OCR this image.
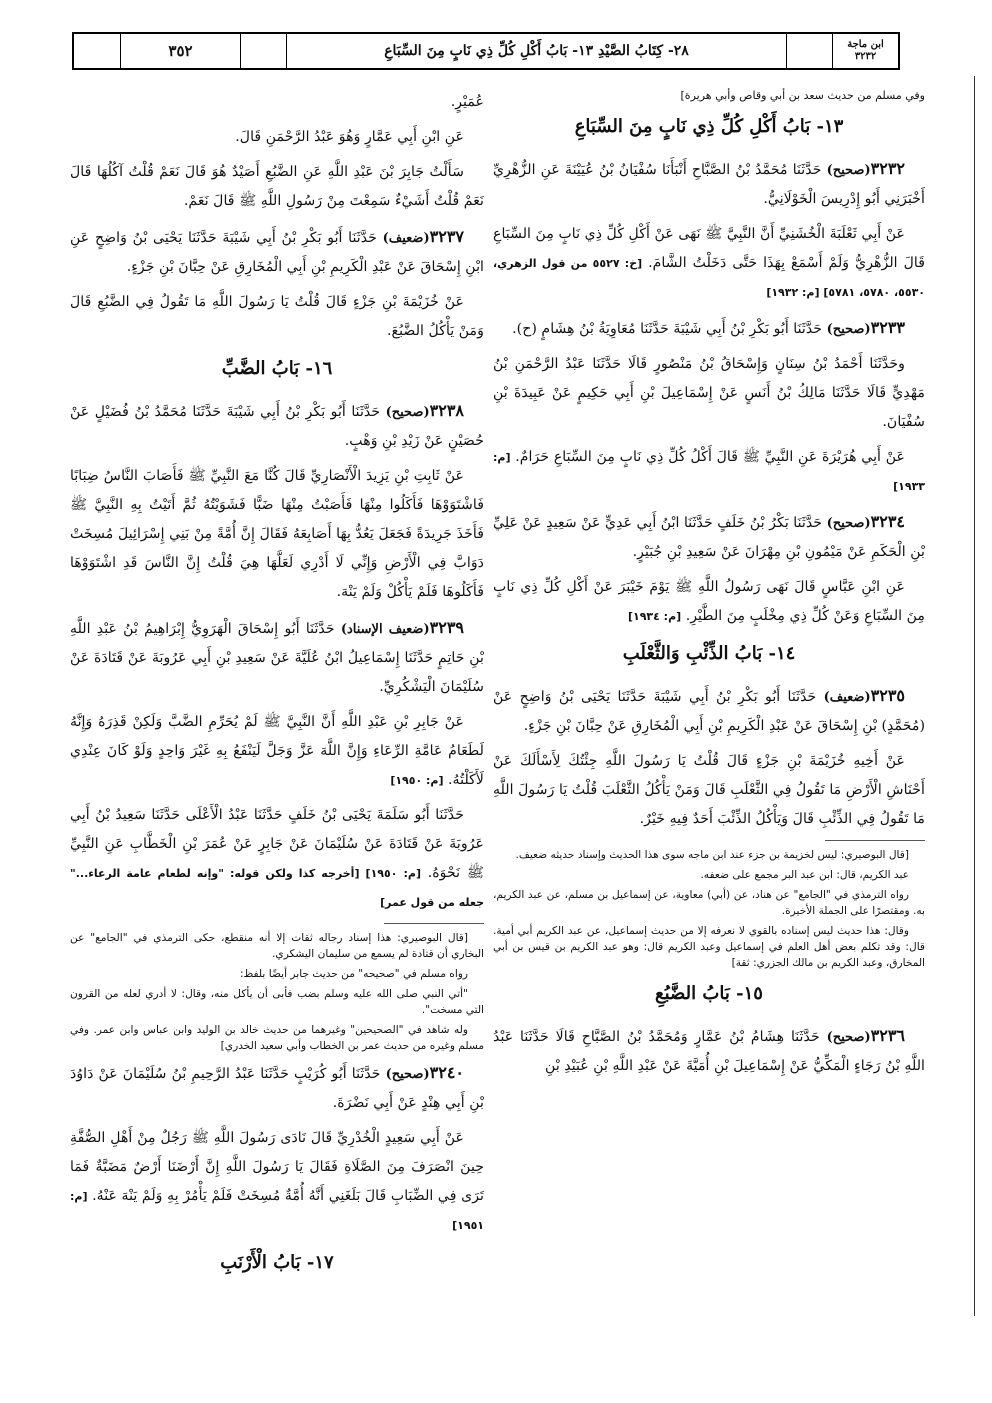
ابن ماجة
٣٢٣٢
٢٨- كِتَابُ الصَّيْدِ ١٣- بَابُ أَكْلِ كُلِّ ذِي نَابٍ مِنَ السِّبَاعِ
٣٥٢

وفي مسلم من حديث سعد بن أبي وقاص وأبي هريرة]

١٣- بَابُ أَكْلِ كُلِّ ذِي نَابٍ مِنَ السِّبَاعِ

٣٢٣٢(صحيح) حَدَّثَنَا مُحَمَّدُ بْنُ الصَّبَّاحِ أَنْبَأَنَا سُفْيَانُ بْنُ عُيَيْنَةَ عَنِ الزُّهْرِيِّ أَخْبَرَنِي أَبُو إِدْرِيسَ الْخَوْلَانِيُّ.

عَنْ أَبِي ثَعْلَبَةَ الْخُشَنِيِّ أَنَّ النَّبِيَّ ﷺ نَهَى عَنْ أَكْلِ كُلِّ ذِي نَابٍ مِنَ السِّبَاعِ قَالَ الزُّهْرِيُّ وَلَمْ أَسْمَعْ بِهَذَا حَتَّى دَخَلْتُ الشَّامَ. [خ: ٥٥٢٧ من قول الزهري، ٥٥٣٠، ٥٧٨٠، ٥٧٨١] [م: ١٩٣٢]

٣٢٣٣(صحيح) حَدَّثَنَا أَبُو بَكْرِ بْنُ أَبِي شَيْبَةَ حَدَّثَنَا مُعَاوِيَةُ بْنُ هِشَامٍ (ح).

وحَدَّثَنَا أَحْمَدُ بْنُ سِنَانٍ وَإِسْحَاقُ بْنُ مَنْصُورٍ قَالَا حَدَّثَنَا عَبْدُ الرَّحْمَنِ بْنُ مَهْدِيٍّ قَالَا حَدَّثَنَا مَالِكُ بْنُ أَنَسٍ عَنْ إِسْمَاعِيلَ بْنِ أَبِي حَكِيمٍ عَنْ عَبِيدَةَ بْنِ سُفْيَانَ.

عَنْ أَبِي هُرَيْرَةَ عَنِ النَّبِيِّ ﷺ قَالَ أَكْلُ كُلِّ ذِي نَابٍ مِنَ السِّبَاعِ حَرَامٌ. [م: ١٩٣٣]

٣٢٣٤(صحيح) حَدَّثَنَا بَكْرُ بْنُ خَلَفٍ حَدَّثَنَا ابْنُ أَبِي عَدِيٍّ عَنْ سَعِيدٍ عَنْ عَلِيِّ بْنِ الْحَكَمِ عَنْ مَيْمُونِ بْنِ مِهْرَانَ عَنْ سَعِيدِ بْنِ جُبَيْرٍ.

عَنِ ابْنِ عَبَّاسٍ قَالَ نَهَى رَسُولُ اللَّهِ ﷺ يَوْمَ خَيْبَرَ عَنْ أَكْلِ كُلِّ ذِي نَابٍ مِنَ السِّبَاعِ وَعَنْ كُلِّ ذِي مِخْلَبٍ مِنَ الطَّيْرِ. [م: ١٩٣٤]

١٤- بَابُ الذِّئْبِ وَالثَّعْلَبِ

٣٢٣٥(ضعيف) حَدَّثَنَا أَبُو بَكْرِ بْنُ أَبِي شَيْبَةَ حَدَّثَنَا يَحْيَى بْنُ وَاضِحٍ عَنْ (مُحَمَّدٍ) بْنِ إِسْحَاقَ عَنْ عَبْدِ الْكَرِيمِ بْنِ أَبِي الْمُخَارِقِ عَنْ حِبَّانَ بْنِ جَزْءٍ.

عَنْ أَخِيهِ خُزَيْمَةَ بْنِ جَزْءٍ قَالَ قُلْتُ يَا رَسُولَ اللَّهِ جِئْتُكَ لِأَسْأَلَكَ عَنْ أَحْنَاشِ الْأَرْضِ مَا تَقُولُ فِي الثَّعْلَبِ قَالَ وَمَنْ يَأْكُلُ الثَّعْلَبَ قُلْتُ يَا رَسُولَ اللَّهِ مَا تَقُولُ فِي الذِّئْبِ قَالَ وَيَأْكُلُ الذِّئْبَ أَحَدٌ فِيهِ خَيْرٌ.

[قال البوصيري: ليس لخزيمة بن جزء عند ابن ماجه سوى هذا الحديث وإسناد حديثه ضعيف.

عبد الكريم، قال: ابن عبد البر مجمع على ضعفه.

رواه الترمذي في "الجامع" عن هناد، عن (أبي) معاوية، عن إسماعيل بن مسلم، عن عبد الكريم، به. ومقتصرًا على الجملة الأخيرة.

وقال: هذا حديث ليس إسناده بالقوي لا نعرفه إلا من حديث إسماعيل، عن عبد الكريم أبي أمية. قال: وقد تكلم بعض أهل العلم في إسماعيل وعبد الكريم قال: وهو عبد الكريم بن قيس بن أبي المخارق، وعبد الكريم بن مالك الجزري: ثقة]

١٥- بَابُ الضَّبُعِ

٣٢٣٦(صحيح) حَدَّثَنَا هِشَامُ بْنُ عَمَّارٍ وَمُحَمَّدُ بْنُ الصَّبَّاحِ قَالَا حَدَّثَنَا عَبْدُ اللَّهِ بْنُ رَجَاءٍ الْمَكِّيُّ عَنْ إِسْمَاعِيلَ بْنِ أُمَيَّةَ عَنْ عَبْدِ اللَّهِ بْنِ عُبَيْدِ بْنِ

عُمَيْرٍ.

عَنِ ابْنِ أَبِي عَمَّارٍ وَهُوَ عَبْدُ الرَّحْمَنِ قَالَ.

سَأَلْتُ جَابِرَ بْنَ عَبْدِ اللَّهِ عَنِ الضَّبُعِ أَصَيْدٌ هُوَ قَالَ نَعَمْ قُلْتُ آكُلُهَا قَالَ نَعَمْ قُلْتُ أَشَيْءٌ سَمِعْتَ مِنْ رَسُولِ اللَّهِ ﷺ قَالَ نَعَمْ.

٣٢٣٧(ضعيف) حَدَّثَنَا أَبُو بَكْرِ بْنُ أَبِي شَيْبَةَ حَدَّثَنَا يَحْيَى بْنُ وَاضِحٍ عَنِ ابْنِ إِسْحَاقَ عَنْ عَبْدِ الْكَرِيمِ بْنِ أَبِي الْمُخَارِقِ عَنْ حِبَّانَ بْنِ جَزْءٍ.

عَنْ خُزَيْمَةَ بْنِ جَزْءٍ قَالَ قُلْتُ يَا رَسُولَ اللَّهِ مَا تَقُولُ فِي الضَّبُعِ قَالَ وَمَنْ يَأْكُلُ الضَّبُعَ.

١٦- بَابُ الضَّبِّ

٣٢٣٨(صحيح) حَدَّثَنَا أَبُو بَكْرِ بْنُ أَبِي شَيْبَةَ حَدَّثَنَا مُحَمَّدُ بْنُ فُضَيْلٍ عَنْ حُصَيْنٍ عَنْ زَيْدِ بْنِ وَهْبٍ.

عَنْ ثَابِتِ بْنِ يَزِيدَ الْأَنْصَارِيِّ قَالَ كُنَّا مَعَ النَّبِيِّ ﷺ فَأَصَابَ النَّاسُ ضِبَابًا فَاشْتَوَوْهَا فَأَكَلُوا مِنْهَا فَأَصَبْتُ مِنْهَا ضَبًّا فَشَوَيْتُهُ ثُمَّ أَتَيْتُ بِهِ النَّبِيَّ ﷺ فَأَخَذَ جَرِيدَةً فَجَعَلَ يَعُدُّ بِهَا أَصَابِعَهُ فَقَالَ إِنَّ أُمَّةً مِنْ بَنِي إِسْرَائِيلَ مُسِخَتْ دَوَابَّ فِي الْأَرْضِ وَإِنِّي لَا أَدْرِي لَعَلَّهَا هِيَ قُلْتُ إِنَّ النَّاسَ قَدِ اشْتَوَوْهَا فَأَكَلُوهَا فَلَمْ يَأْكُلْ وَلَمْ يَنْهَ.

٣٢٣٩(ضعيف الإسناد) حَدَّثَنَا أَبُو إِسْحَاقَ الْهَرَوِيُّ إِبْرَاهِيمُ بْنُ عَبْدِ اللَّهِ بْنِ حَاتِمٍ حَدَّثَنَا إِسْمَاعِيلُ ابْنُ عُلَيَّةَ عَنْ سَعِيدِ بْنِ أَبِي عَرُوبَةَ عَنْ قَتَادَةَ عَنْ سُلَيْمَانَ الْيَشْكُرِيِّ.

عَنْ جَابِرِ بْنِ عَبْدِ اللَّهِ أَنَّ النَّبِيَّ ﷺ لَمْ يُحَرِّمِ الضَّبَّ وَلَكِنْ قَذِرَهُ وَإِنَّهُ لَطَعَامُ عَامَّةِ الرِّعَاءِ وَإِنَّ اللَّهَ عَزَّ وَجَلَّ لَيَنْفَعُ بِهِ غَيْرَ وَاحِدٍ وَلَوْ كَانَ عِنْدِي لَأَكَلْتُهُ. [م: ١٩٥٠]

حَدَّثَنَا أَبُو سَلَمَةَ يَحْيَى بْنُ خَلَفٍ حَدَّثَنَا عَبْدُ الْأَعْلَى حَدَّثَنَا سَعِيدُ بْنُ أَبِي عَرُوبَةَ عَنْ قَتَادَةَ عَنْ سُلَيْمَانَ عَنْ جَابِرٍ عَنْ عُمَرَ بْنِ الْخَطَّابِ عَنِ النَّبِيِّ ﷺ نَحْوَهُ. [م: ١٩٥٠] [أخرجه كذا ولكن قوله: "وإنه لطعام عامة الرعاء..." جعله من قول عمر]

[قال البوصيري: هذا إسناد رجاله ثقات إلا أنه منقطع، حكى الترمذي في "الجامع" عن البخاري أن قتادة لم يسمع من سليمان اليشكري.

رواه مسلم في "صحيحه" من حديث جابر أيضًا بلفظ:

"أتي النبي صلى الله عليه وسلم بضب فأبى أن يأكل منه، وقال: لا أدري لعله من القرون التي مسخت".

وله شاهد في "الصحيحين" وغيرهما من حديث خالد بن الوليد وابن عباس وابن عمر. وفي مسلم وغيره من حديث عمر بن الخطاب وأبي سعيد الخدري]

٣٢٤٠(صحيح) حَدَّثَنَا أَبُو كُرَيْبٍ حَدَّثَنَا عَبْدُ الرَّحِيمِ بْنُ سُلَيْمَانَ عَنْ دَاوُدَ بْنِ أَبِي هِنْدٍ عَنْ أَبِي نَضْرَةَ.

عَنْ أَبِي سَعِيدٍ الْخُدْرِيِّ قَالَ نَادَى رَسُولَ اللَّهِ ﷺ رَجُلٌ مِنْ أَهْلِ الصُّفَّةِ حِينَ انْصَرَفَ مِنَ الصَّلَاةِ فَقَالَ يَا رَسُولَ اللَّهِ إِنَّ أَرْضَنَا أَرْضٌ مَضَبَّةٌ فَمَا تَرَى فِي الضِّبَابِ قَالَ بَلَغَنِي أَنَّهُ أُمَّةٌ مُسِخَتْ فَلَمْ يَأْمُرْ بِهِ وَلَمْ يَنْهَ عَنْهُ. [م: ١٩٥١]

١٧- بَابُ الْأَرْنَبِ
